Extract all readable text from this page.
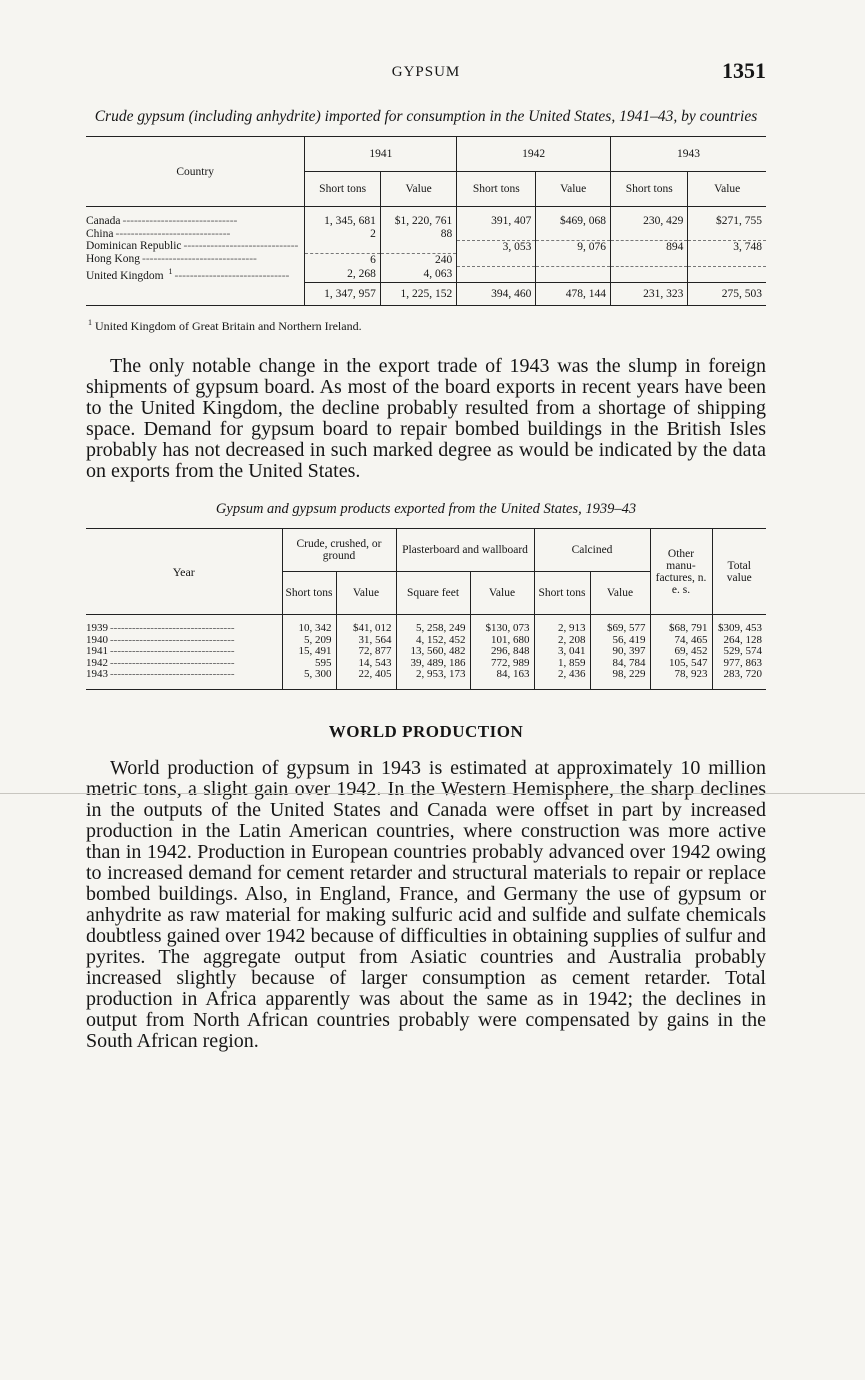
GYPSUM	1351
Crude gypsum (including anhydrite) imported for consumption in the United States, 1941–43, by countries
Country	1941		1942		1943	
	Short tons	Value	Short tons	Value	Short tons	Value

Canada ------------------------------	1, 345, 681	$1, 220, 761	391, 407	$469, 068	230, 429	$271, 755
China ------------------------------	2	88				
Dominican Republic ------------------------------			3, 053	9, 076	894	3, 748
Hong Kong ------------------------------	6	240				
United Kingdom $^1$ ------------------------------	2, 268	4, 063				
	1, 347, 957	1, 225, 152	394, 460	478, 144	231, 323	275, 503
$^1$ United Kingdom of Great Britain and Northern Ireland.

The only notable change in the export trade of 1943 was the slump in foreign shipments of gypsum board. As most of the board exports in recent years have been to the United Kingdom, the decline probably resulted from a shortage of shipping space. Demand for gypsum board to repair bombed buildings in the British Isles probably has not decreased in such marked degree as would be indicated by the data on exports from the United States.

Gypsum and gypsum products exported from the United States, 1939–43
Year	Crude, crushed, or ground		Plasterboard and wallboard		Calcined		Other manu- factures, n. e. s.	Total value
	Short tons	Value	Square feet	Value	Short tons	Value		

1939 ----------------------------------	10, 342	$41, 012	5, 258, 249	$130, 073	2, 913	$69, 577	$68, 791	$309, 453
1940 ----------------------------------	5, 209	31, 564	4, 152, 452	101, 680	2, 208	56, 419	74, 465	264, 128
1941 ----------------------------------	15, 491	72, 877	13, 560, 482	296, 848	3, 041	90, 397	69, 452	529, 574
1942 ----------------------------------	595	14, 543	39, 489, 186	772, 989	1, 859	84, 784	105, 547	977, 863
1943 ----------------------------------	5, 300	22, 405	2, 953, 173	84, 163	2, 436	98, 229	78, 923	283, 720

WORLD PRODUCTION

World production of gypsum in 1943 is estimated at approximately 10 million metric tons, a slight gain over 1942. In the Western Hemisphere, the sharp declines in the outputs of the United States and Canada were offset in part by increased production in the Latin American countries, where construction was more active than in 1942. Production in European countries probably advanced over 1942 owing to increased demand for cement retarder and structural materials to repair or replace bombed buildings. Also, in England, France, and Germany the use of gypsum or anhydrite as raw material for making sulfuric acid and sulfide and sulfate chemicals doubtless gained over 1942 because of difficulties in obtaining supplies of sulfur and pyrites. The aggregate output from Asiatic countries and Australia probably increased slightly because of larger consumption as cement retarder. Total production in Africa apparently was about the same as in 1942; the declines in output from North African countries probably were compensated by gains in the South African region.
